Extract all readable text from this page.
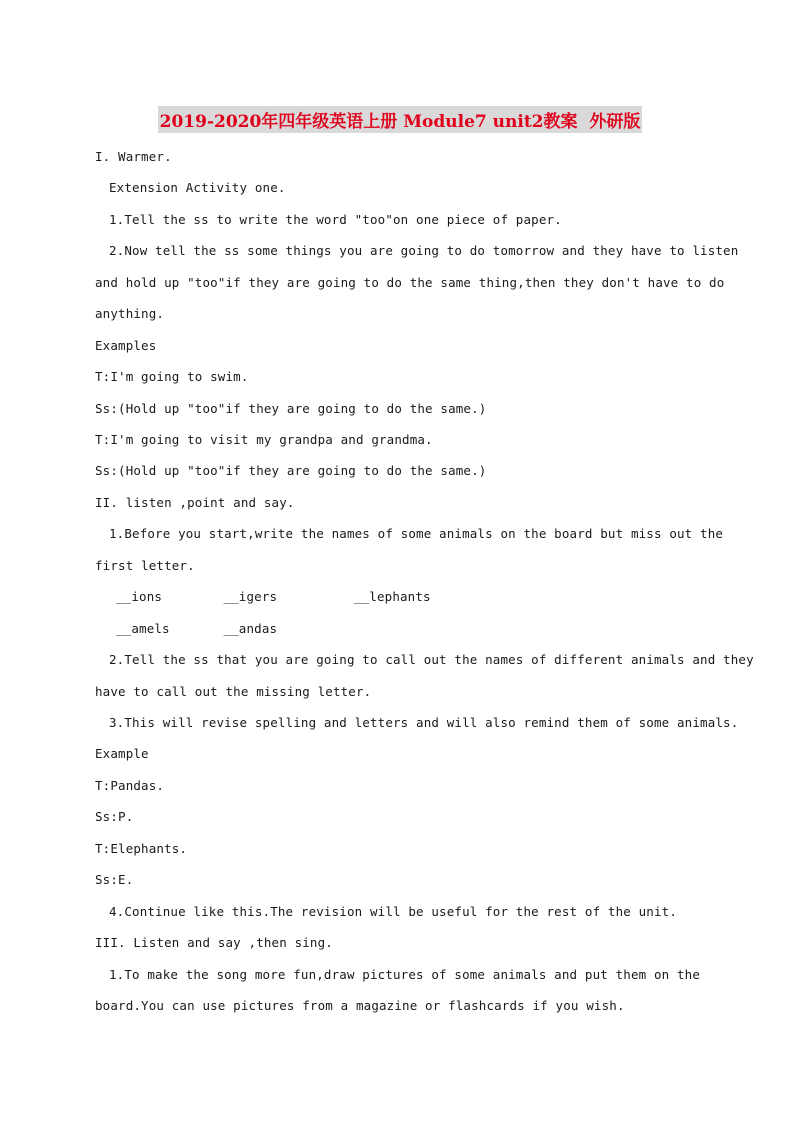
2019-2020年四年级英语上册 Module7 unit2教案  外研版
I. Warmer.
Extension Activity one.
1.Tell the ss to write the word "too"on one piece of paper.
2.Now tell the ss some things you are going to do tomorrow and they have to listen
and hold up "too"if they are going to do the same thing,then they don't have to do
anything.
Examples
T:I'm going to swim.
Ss:(Hold up "too"if they are going to do the same.)
T:I'm going to visit my grandpa and grandma.
Ss:(Hold up "too"if they are going to do the same.)
II. listen ,point and say.
1.Before you start,write the names of some animals on the board but miss out the
first letter.
__ions        __igers          __lephants
__amels       __andas
2.Tell the ss that you are going to call out the names of different animals and they
have to call out the missing letter.
3.This will revise spelling and letters and will also remind them of some animals.
Example
T:Pandas.
Ss:P.
T:Elephants.
Ss:E.
4.Continue like this.The revision will be useful for the rest of the unit.
III. Listen and say ,then sing.
1.To make the song more fun,draw pictures of some animals and put them on the
board.You can use pictures from a magazine or flashcards if you wish.
